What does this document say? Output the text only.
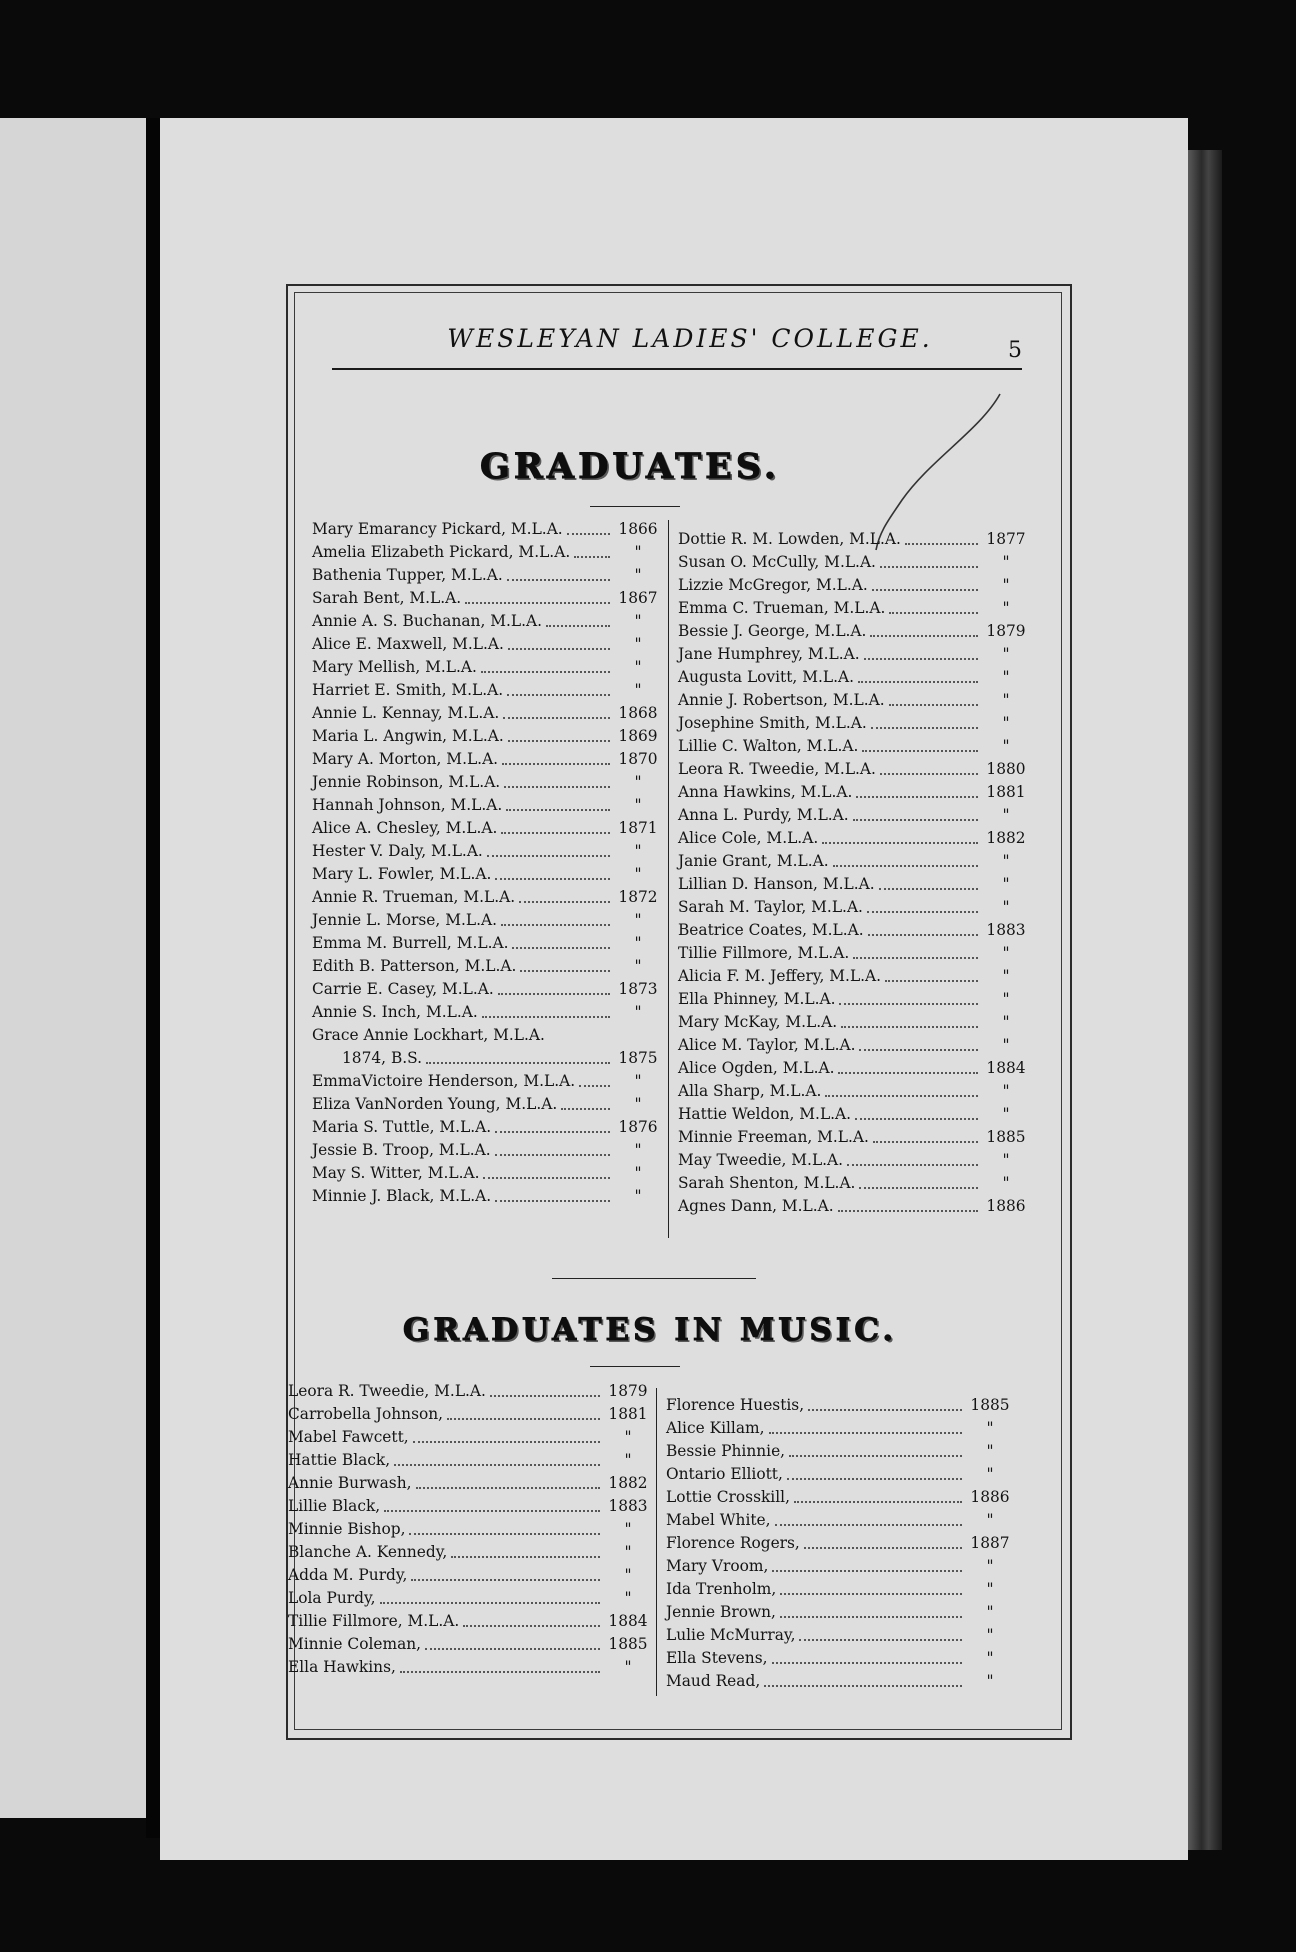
WESLEYAN LADIES' COLLEGE.	5
GRADUATES.
Mary Emarancy Pickard, M.L.A.	1866
Amelia Elizabeth Pickard, M.L.A.	"
Bathenia Tupper, M.L.A.	"
Sarah Bent, M.L.A.	1867
Annie A. S. Buchanan, M.L.A.	"
Alice E. Maxwell, M.L.A.	"
Mary Mellish, M.L.A.	"
Harriet E. Smith, M.L.A.	"
Annie L. Kennay, M.L.A.	1868
Maria L. Angwin, M.L.A.	1869
Mary A. Morton, M.L.A.	1870
Jennie Robinson, M.L.A.	"
Hannah Johnson, M.L.A.	"
Alice A. Chesley, M.L.A.	1871
Hester V. Daly, M.L.A.	"
Mary L. Fowler, M.L.A.	"
Annie R. Trueman, M.L.A.	1872
Jennie L. Morse, M.L.A.	"
Emma M. Burrell, M.L.A.	"
Edith B. Patterson, M.L.A.	"
Carrie E. Casey, M.L.A.	1873
Annie S. Inch, M.L.A.	"
Grace Annie Lockhart, M.L.A.
1874, B.S.	1875
EmmaVictoire Henderson, M.L.A.	"
Eliza VanNorden Young, M.L.A.	"
Maria S. Tuttle, M.L.A.	1876
Jessie B. Troop, M.L.A.	"
May S. Witter, M.L.A.	"
Minnie J. Black, M.L.A.	"
Dottie R. M. Lowden, M.L.A.	1877
Susan O. McCully, M.L.A.	"
Lizzie McGregor, M.L.A.	"
Emma C. Trueman, M.L.A.	"
Bessie J. George, M.L.A.	1879
Jane Humphrey, M.L.A.	"
Augusta Lovitt, M.L.A.	"
Annie J. Robertson, M.L.A.	"
Josephine Smith, M.L.A.	"
Lillie C. Walton, M.L.A.	"
Leora R. Tweedie, M.L.A.	1880
Anna Hawkins, M.L.A.	1881
Anna L. Purdy, M.L.A.	"
Alice Cole, M.L.A.	1882
Janie Grant, M.L.A.	"
Lillian D. Hanson, M.L.A.	"
Sarah M. Taylor, M.L.A.	"
Beatrice Coates, M.L.A.	1883
Tillie Fillmore, M.L.A.	"
Alicia F. M. Jeffery, M.L.A.	"
Ella Phinney, M.L.A.	"
Mary McKay, M.L.A.	"
Alice M. Taylor, M.L.A.	"
Alice Ogden, M.L.A.	1884
Alla Sharp, M.L.A.	"
Hattie Weldon, M.L.A.	"
Minnie Freeman, M.L.A.	1885
May Tweedie, M.L.A.	"
Sarah Shenton, M.L.A.	"
Agnes Dann, M.L.A.	1886
GRADUATES IN MUSIC.
Leora R. Tweedie, M.L.A.	1879
Carrobella Johnson,	1881
Mabel Fawcett,	"
Hattie Black,	"
Annie Burwash,	1882
Lillie Black,	1883
Minnie Bishop,	"
Blanche A. Kennedy,	"
Adda M. Purdy,	"
Lola Purdy,	"
Tillie Fillmore, M.L.A.	1884
Minnie Coleman,	1885
Ella Hawkins,	"
Florence Huestis,	1885
Alice Killam,	"
Bessie Phinnie,	"
Ontario Elliott,	"
Lottie Crosskill,	1886
Mabel White,	"
Florence Rogers,	1887
Mary Vroom,	"
Ida Trenholm,	"
Jennie Brown,	"
Lulie McMurray,	"
Ella Stevens,	"
Maud Read,	"
